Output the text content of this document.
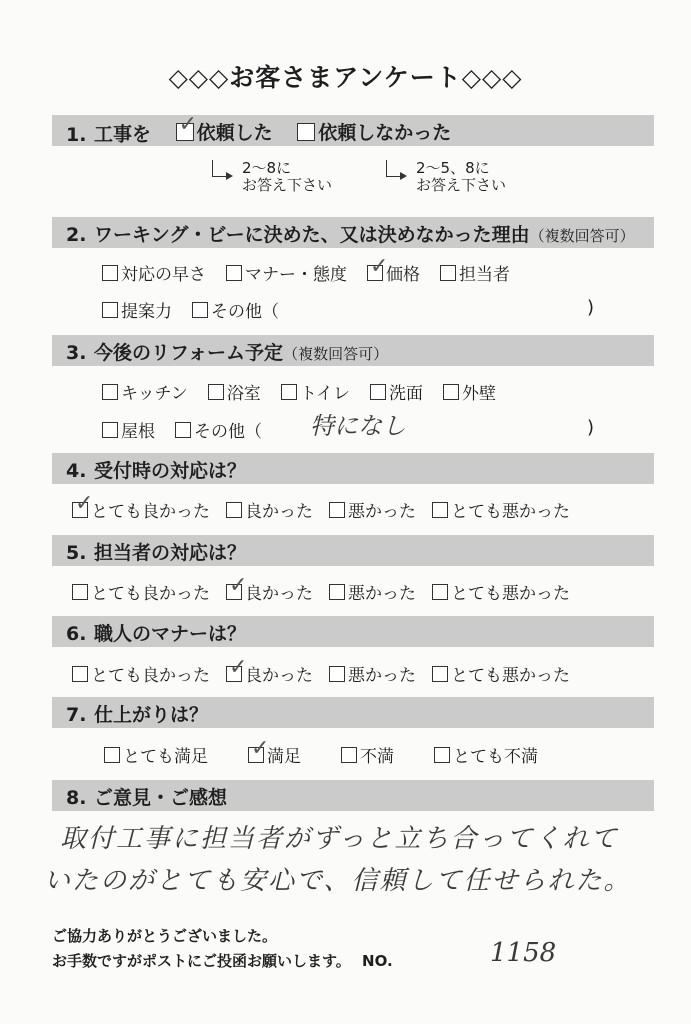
◇◇◇お客さまアンケート◇◇◇
1. 工事を ✓ 依頼した
依頼しなかった
2〜8に
お答え下さい
2〜5、8に
お答え下さい
2. ワーキング・ビーに決めた、又は決めなかった理由（複数回答可）
対応の早さ マナー・態度 ✓
価格 担当者
提案力 その他（	)
3. 今後のリフォーム予定（複数回答可）
キッチン 浴室 トイレ 洗面 外壁
屋根 その他（ 特になし	)
4. 受付時の対応は？
✓
とても良かった 良かった 悪かった とても悪かった
5. 担当者の対応は？
とても良かった ✓
良かった 悪かった とても悪かった
6. 職人のマナーは？
とても良かった ✓
良かった 悪かった とても悪かった
7. 仕上がりは？
とても満足 ✓
満足	不満	とても不満
8. ご意見・ご感想
取付工事に担当者がずっと立ち合ってくれて
いたのがとても安心で、信頼して任せられた。
ご協力ありがとうございました。
お手数ですがポストにご投函お願いします。 NO.	1158
